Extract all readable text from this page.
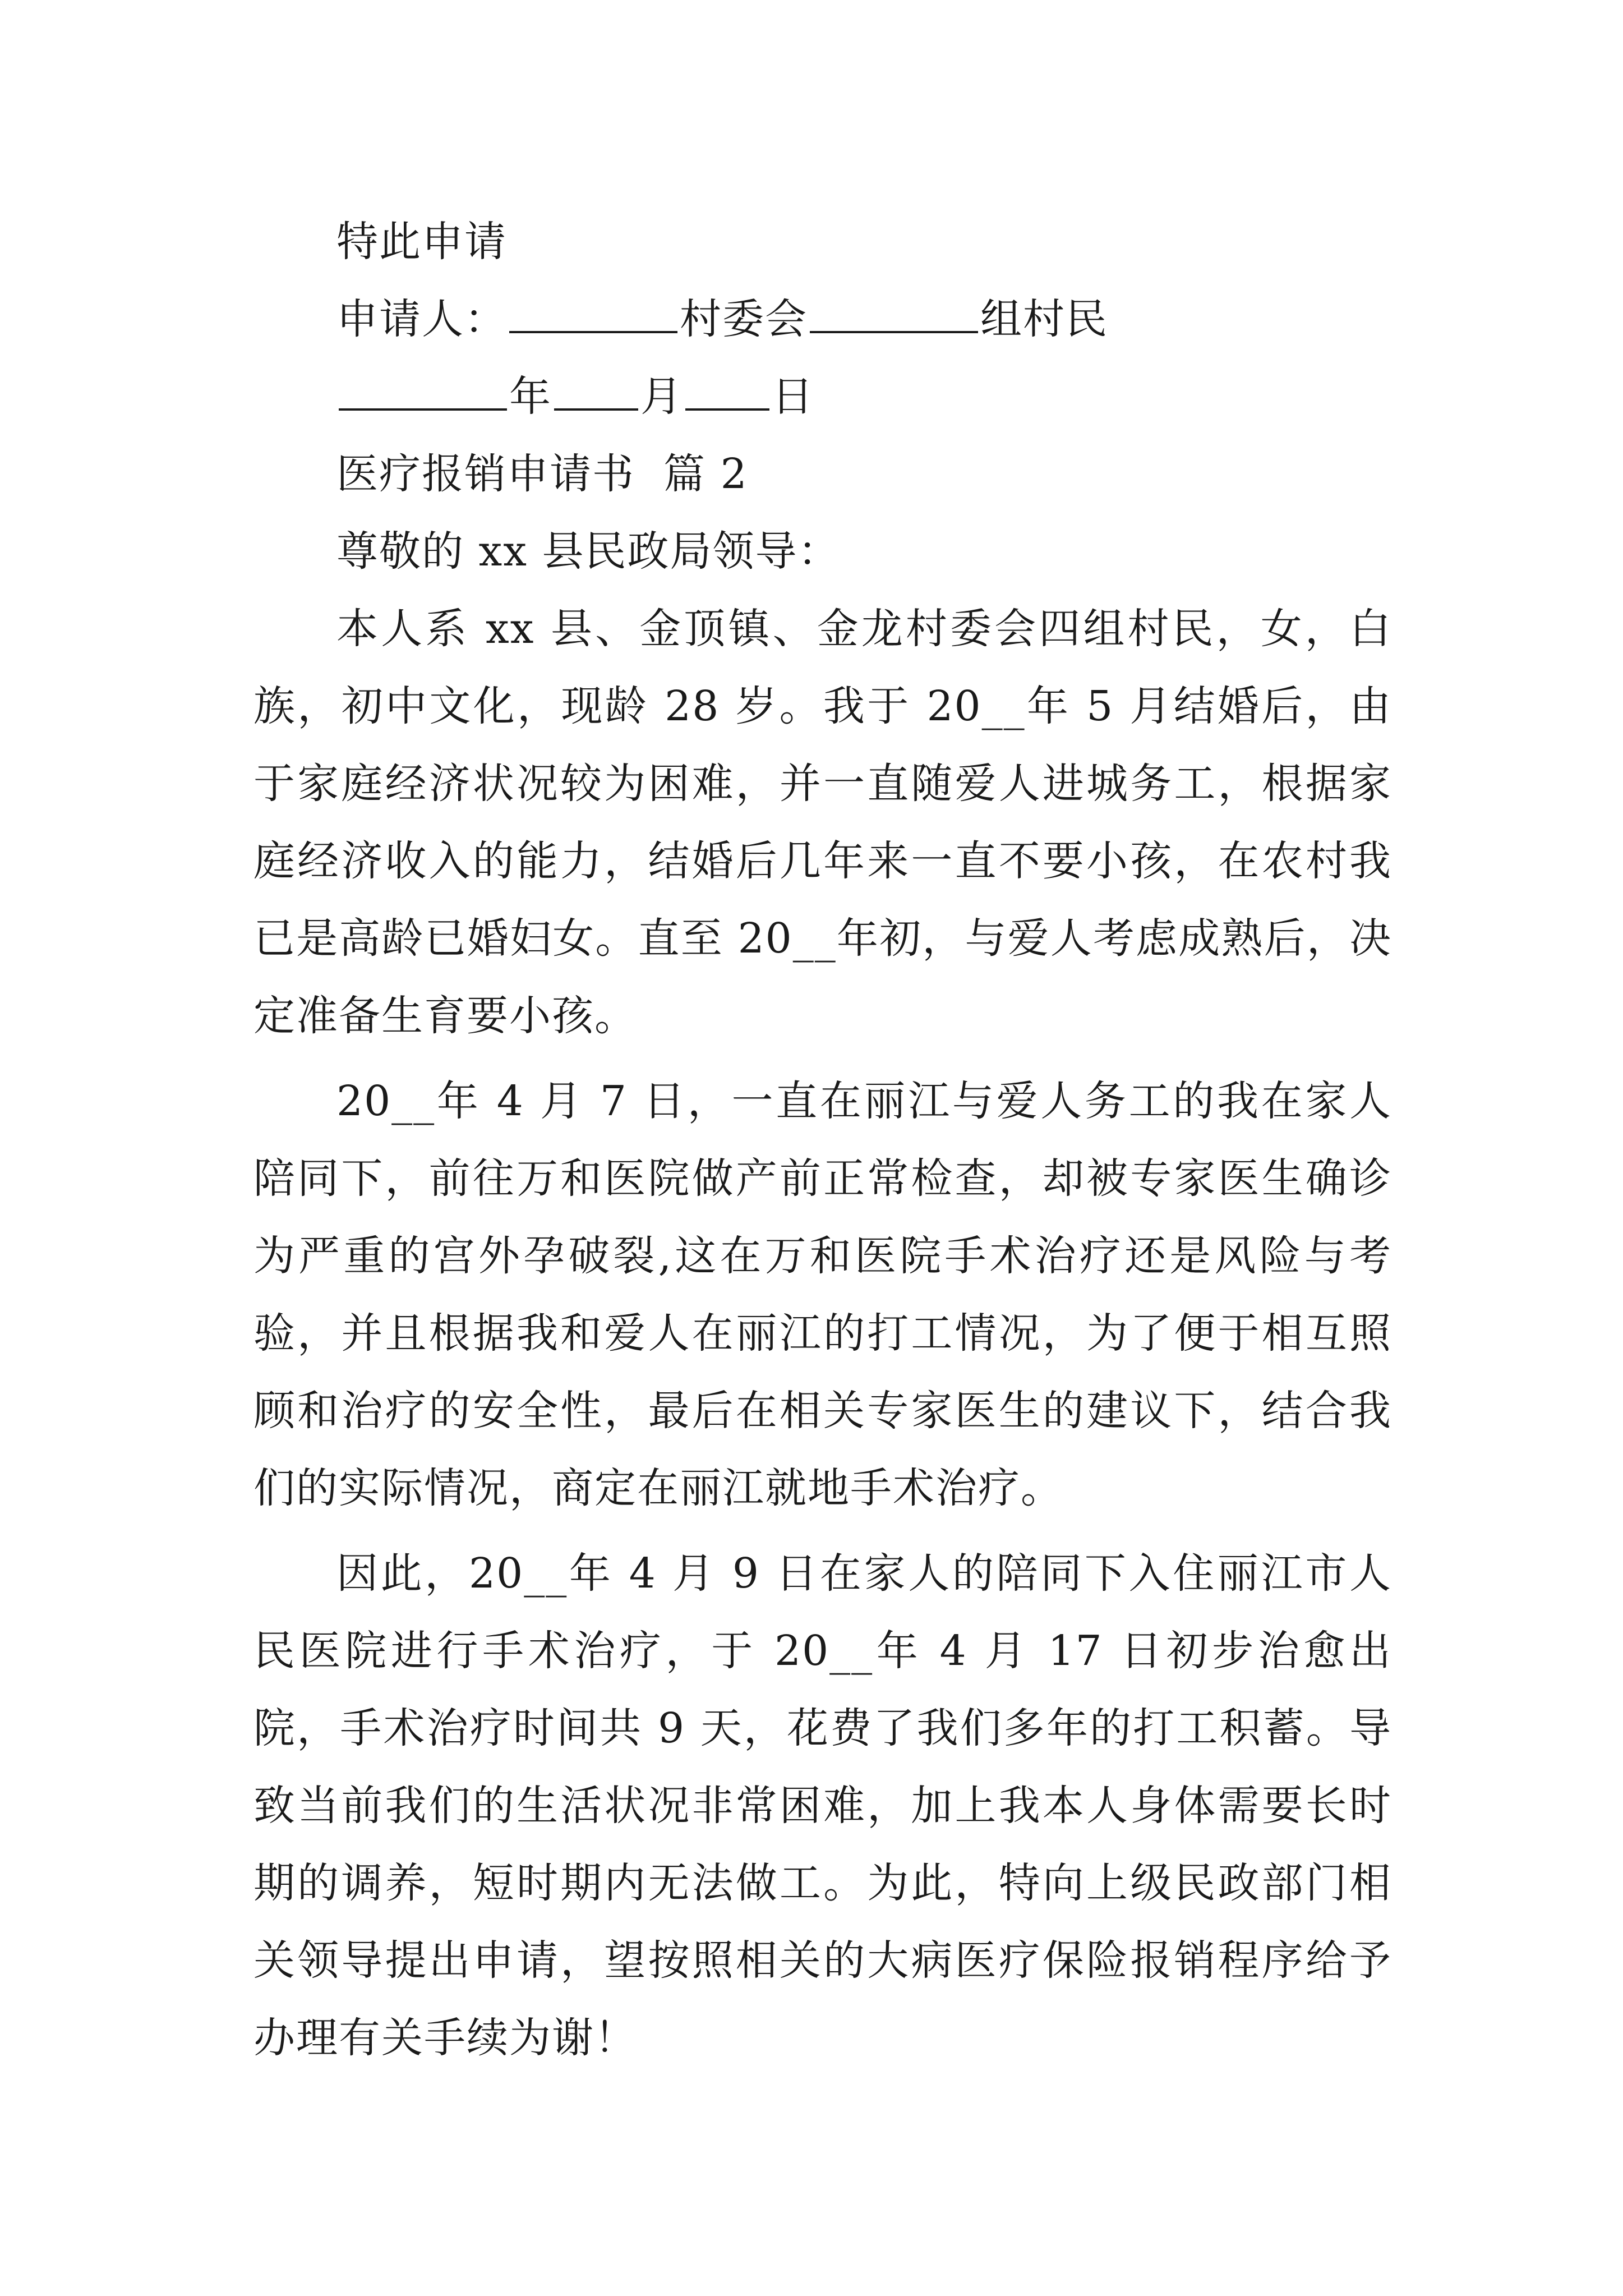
特此申请
申请人：	村委会	组村民
年 月 日
医疗报销申请书  篇 2
尊敬的 xx 县民政局领导：

本人系 xx 县、金顶镇、金龙村委会四组村民，女，白族，初中文化，现龄 28 岁。我于 20__年 5 月结婚后，由于家庭经济状况较为困难，并一直随爱人进城务工，根据家庭经济收入的能力，结婚后几年来一直不要小孩，在农村我已是高龄已婚妇女。直至 20__年初，与爱人考虑成熟后，决定准备生育要小孩。

20__年 4 月 7 日，一直在丽江与爱人务工的我在家人陪同下，前往万和医院做产前正常检查，却被专家医生确诊为严重的宫外孕破裂,这在万和医院手术治疗还是风险与考验，并且根据我和爱人在丽江的打工情况，为了便于相互照顾和治疗的安全性，最后在相关专家医生的建议下，结合我们的实际情况，商定在丽江就地手术治疗。

因此，20__年 4 月 9 日在家人的陪同下入住丽江市人民医院进行手术治疗，于 20__年 4 月 17 日初步治愈出院，手术治疗时间共 9 天，花费了我们多年的打工积蓄。导致当前我们的生活状况非常困难，加上我本人身体需要长时期的调养，短时期内无法做工。为此，特向上级民政部门相关领导提出申请，望按照相关的大病医疗保险报销程序给予办理有关手续为谢！
